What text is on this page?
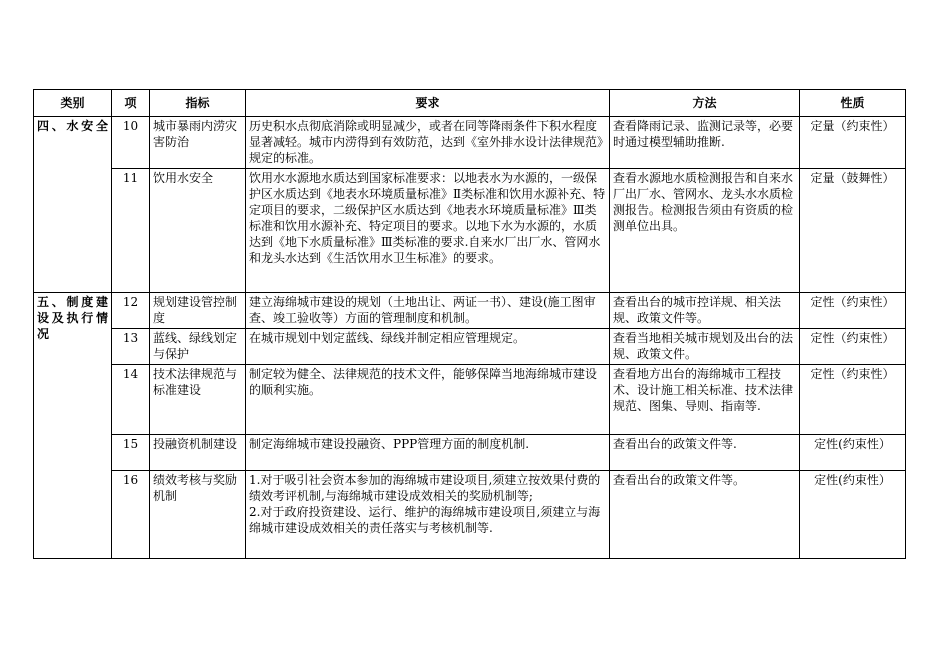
类别	项	指标	要求	方法	性质
四、水安全	10	城市暴雨内涝灾害防治	历史积水点彻底消除或明显减少，或者在同等降雨条件下积水程度显著减轻。城市内涝得到有效防范，达到《室外排水设计法律规范》规定的标准。	查看降雨记录、监测记录等，必要时通过模型辅助推断.	定量（约束性）
	11	饮用水安全	饮用水水源地水质达到国家标准要求：以地表水为水源的，一级保护区水质达到《地表水环境质量标准》Ⅱ类标准和饮用水源补充、特定项目的要求，二级保护区水质达到《地表水环境质量标准》Ⅲ类标准和饮用水源补充、特定项目的要求。以地下水为水源的，水质达到《地下水质量标准》Ⅲ类标准的要求.自来水厂出厂水、管网水和龙头水达到《生活饮用水卫生标准》的要求。	查看水源地水质检测报告和自来水厂出厂水、管网水、龙头水水质检测报告。检测报告须由有资质的检测单位出具。	定量（鼓舞性）
五、制度建设及执行情况	12	规划建设管控制度	建立海绵城市建设的规划（土地出让、两证一书）、建设(施工图审查、竣工验收等）方面的管理制度和机制。	查看出台的城市控详规、相关法规、政策文件等。	定性（约束性）
	13	蓝线、绿线划定与保护	在城市规划中划定蓝线、绿线并制定相应管理规定。	查看当地相关城市规划及出台的法规、政策文件。	定性（约束性）
	14	技术法律规范与标准建设	制定较为健全、法律规范的技术文件，能够保障当地海绵城市建设的顺利实施。	查看地方出台的海绵城市工程技术、设计施工相关标准、技术法律规范、图集、导则、指南等.	定性（约束性）
	15	投融资机制建设	制定海绵城市建设投融资、PPP管理方面的制度机制.	查看出台的政策文件等.	定性(约束性）
	16	绩效考核与奖励机制	1.对于吸引社会资本参加的海绵城市建设项目,须建立按效果付费的绩效考评机制,与海绵城市建设成效相关的奖励机制等;
2.对于政府投资建设、运行、维护的海绵城市建设项目,须建立与海绵城市建设成效相关的责任落实与考核机制等.	查看出台的政策文件等。	定性(约束性）
